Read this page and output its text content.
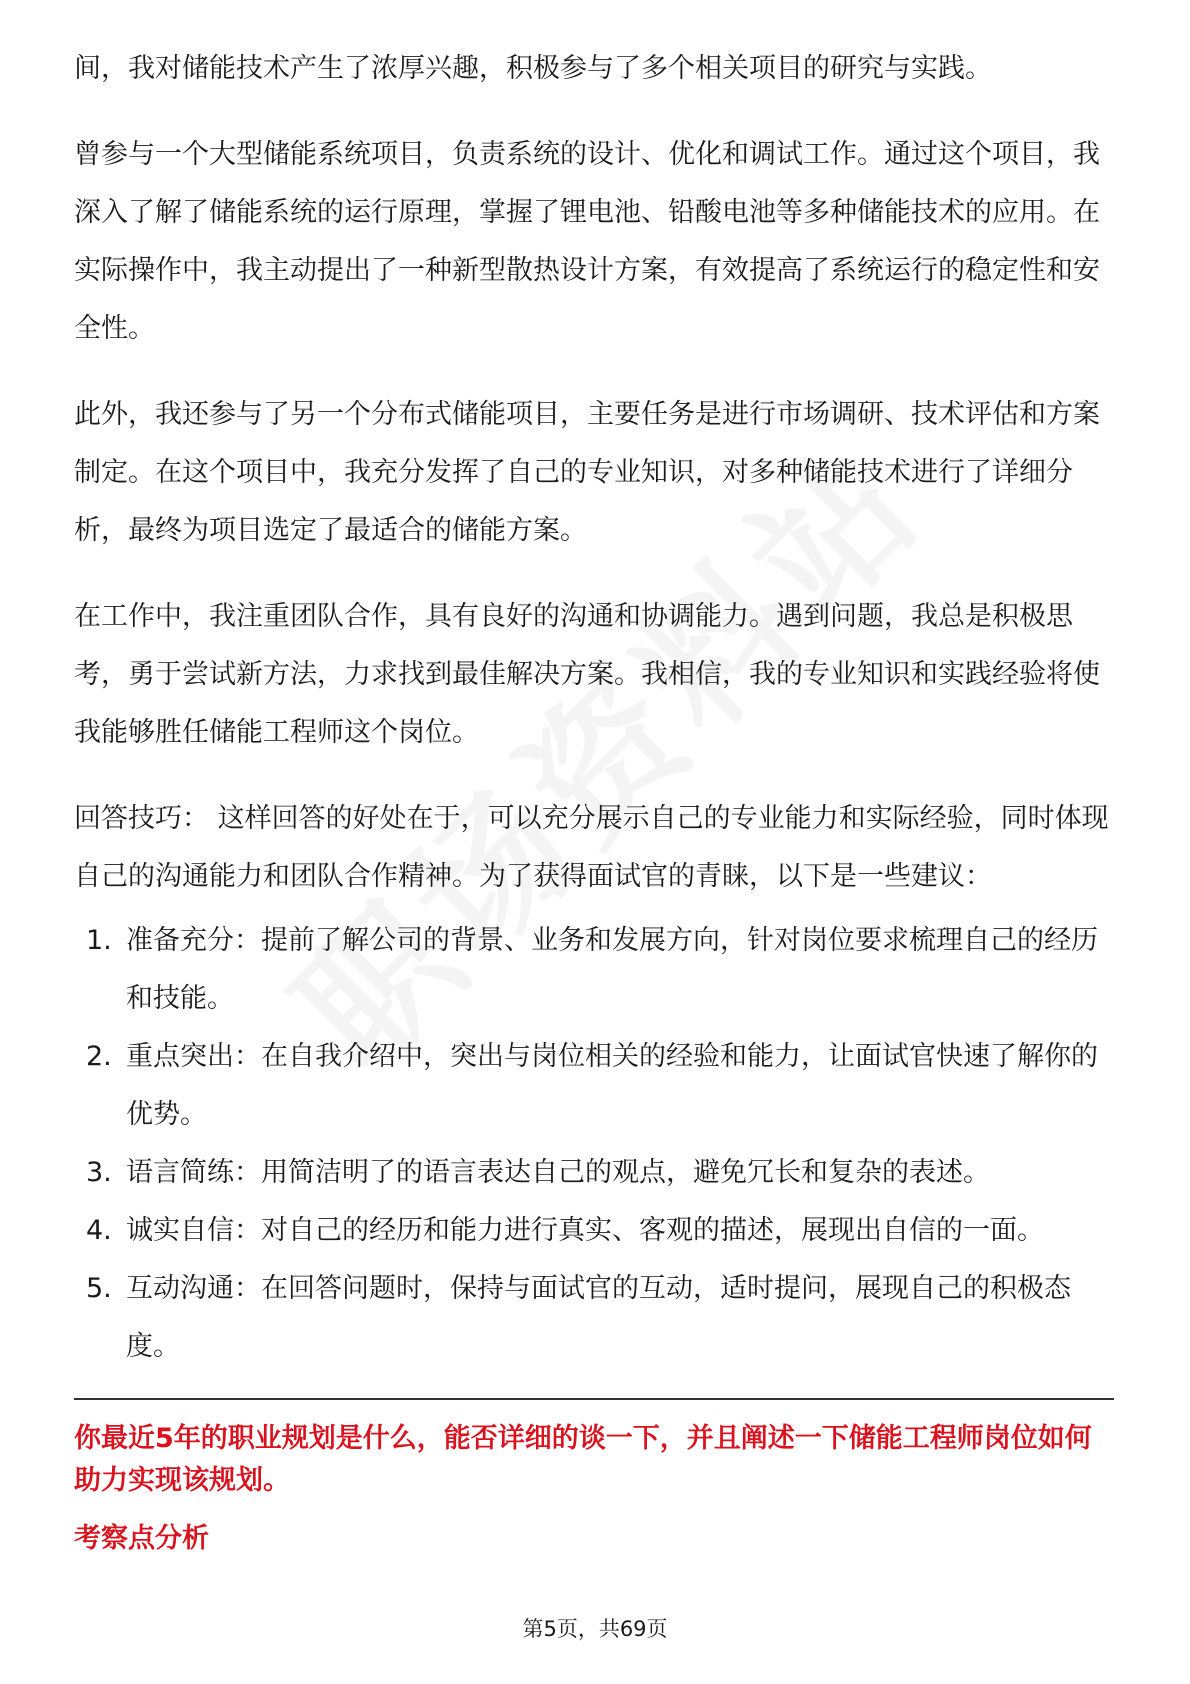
间，我对储能技术产生了浓厚兴趣，积极参与了多个相关项目的研究与实践。

曾参与一个大型储能系统项目，负责系统的设计、优化和调试工作。通过这个项目，我深入了解了储能系统的运行原理，掌握了锂电池、铅酸电池等多种储能技术的应用。在实际操作中，我主动提出了一种新型散热设计方案，有效提高了系统运行的稳定性和安全性。

此外，我还参与了另一个分布式储能项目，主要任务是进行市场调研、技术评估和方案制定。在这个项目中，我充分发挥了自己的专业知识，对多种储能技术进行了详细分析，最终为项目选定了最适合的储能方案。

在工作中，我注重团队合作，具有良好的沟通和协调能力。遇到问题，我总是积极思考，勇于尝试新方法，力求找到最佳解决方案。我相信，我的专业知识和实践经验将使我能够胜任储能工程师这个岗位。

回答技巧： 这样回答的好处在于，可以充分展示自己的专业能力和实际经验，同时体现自己的沟通能力和团队合作精神。为了获得面试官的青睐，以下是一些建议：

1. 准备充分：提前了解公司的背景、业务和发展方向，针对岗位要求梳理自己的经历和技能。
2. 重点突出：在自我介绍中，突出与岗位相关的经验和能力，让面试官快速了解你的优势。
3. 语言简练：用简洁明了的语言表达自己的观点，避免冗长和复杂的表述。
4. 诚实自信：对自己的经历和能力进行真实、客观的描述，展现出自信的一面。
5. 互动沟通：在回答问题时，保持与面试官的互动，适时提问，展现自己的积极态度。
你最近5年的职业规划是什么，能否详细的谈一下，并且阐述一下储能工程师岗位如何助力实现该规划。
考察点分析
第5页，共69页
